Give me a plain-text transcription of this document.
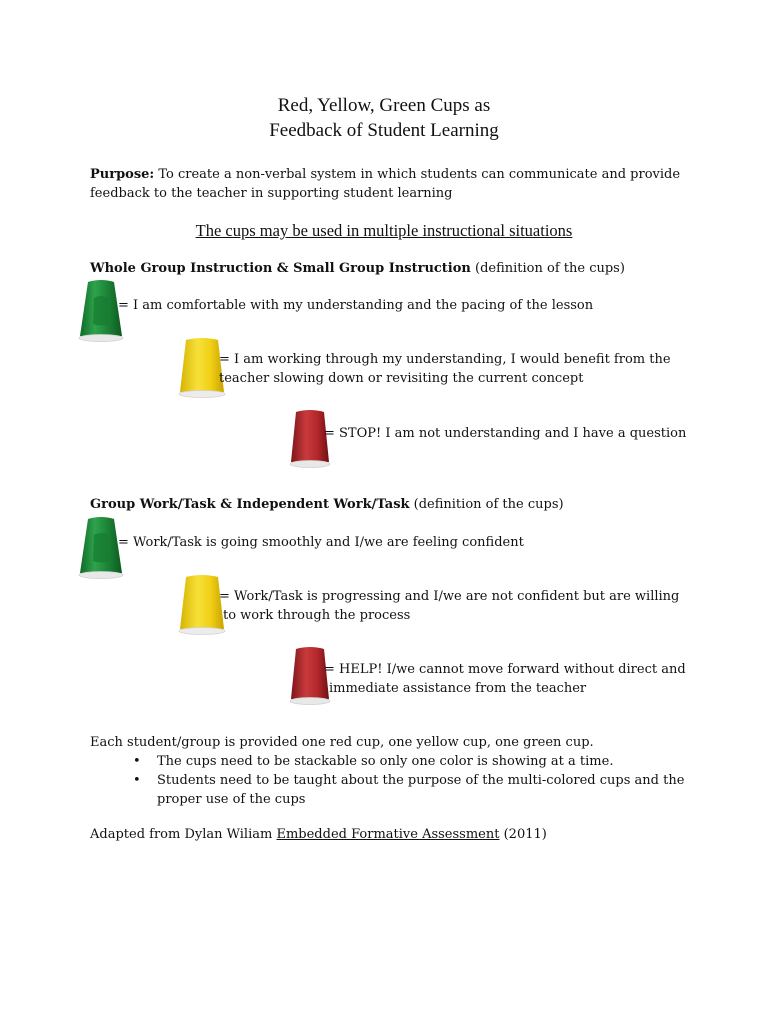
Red, Yellow, Green Cups as
Feedback of Student Learning
Purpose: To create a non-verbal system in which students can communicate and provide
feedback to the teacher in supporting student learning
The cups may be used in multiple instructional situations
Whole Group Instruction & Small Group Instruction (definition of the cups)
= I am comfortable with my understanding and the pacing of the lesson
= I am working through my understanding, I would benefit from the
teacher slowing down or revisiting the current concept
= STOP! I am not understanding and I have a question
Group Work/Task & Independent Work/Task (definition of the cups)
= Work/Task is going smoothly and I/we are feeling confident
= Work/Task is progressing and I/we are not confident but are willing
to work through the process
= HELP! I/we cannot move forward without direct and
immediate assistance from the teacher
Each student/group is provided one red cup, one yellow cup, one green cup.
• The cups need to be stackable so only one color is showing at a time.
• Students need to be taught about the purpose of the multi-colored cups and the
proper use of the cups
Adapted from Dylan Wiliam Embedded Formative Assessment (2011)
